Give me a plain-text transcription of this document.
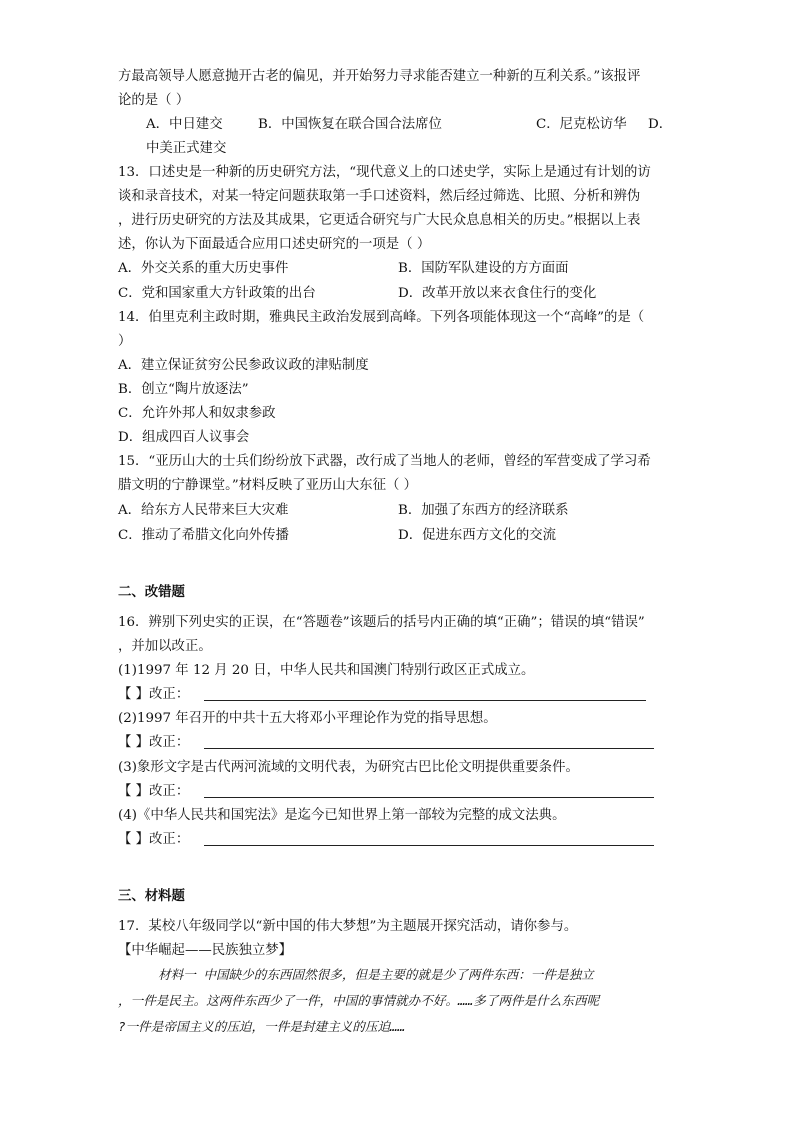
方最高领导人愿意抛开古老的偏见，并开始努力寻求能否建立一种新的互利关系。”该报评
论的是（ ）
A．中日建交	B．中国恢复在联合国合法席位	C．尼克松访华 D．
中美正式建交
13．口述史是一种新的历史研究方法，“现代意义上的口述史学，实际上是通过有计划的访
谈和录音技术，对某一特定问题获取第一手口述资料，然后经过筛选、比照、分析和辨伪
，进行历史研究的方法及其成果，它更适合研究与广大民众息息相关的历史。”根据以上表
述，你认为下面最适合应用口述史研究的一项是（ ）
A．外交关系的重大历史事件	B．国防军队建设的方方面面
C．党和国家重大方针政策的出台	D．改革开放以来衣食住行的变化
14．伯里克利主政时期，雅典民主政治发展到高峰。下列各项能体现这一个“高峰”的是（
）
A．建立保证贫穷公民参政议政的津贴制度
B．创立“陶片放逐法”
C．允许外邦人和奴隶参政
D．组成四百人议事会
15．“亚历山大的士兵们纷纷放下武器，改行成了当地人的老师，曾经的军营变成了学习希
腊文明的宁静课堂。”材料反映了亚历山大东征（ ）
A．给东方人民带来巨大灾难	B．加强了东西方的经济联系
C．推动了希腊文化向外传播	D．促进东西方文化的交流
二、改错题
16．辨别下列史实的正误，在“答题卷”该题后的括号内正确的填“正确”；错误的填“错误”
，并加以改正。
(1)1997 年 12 月 20 日，中华人民共和国澳门特别行政区正式成立。
【 】改正：
(2)1997 年召开的中共十五大将邓小平理论作为党的指导思想。
【 】改正：
(3)象形文字是古代两河流域的文明代表，为研究古巴比伦文明提供重要条件。
【 】改正：
(4)《中华人民共和国宪法》是迄今已知世界上第一部较为完整的成文法典。
【 】改正：
三、材料题
17．某校八年级同学以“新中国的伟大梦想”为主题展开探究活动，请你参与。
【中华崛起——民族独立梦】
材料一 中国缺少的东西固然很多，但是主要的就是少了两件东西：一件是独立
，一件是民主。这两件东西少了一件，中国的事情就办不好。……多了两件是什么东西呢
?一件是帝国主义的压迫，一件是封建主义的压迫……
